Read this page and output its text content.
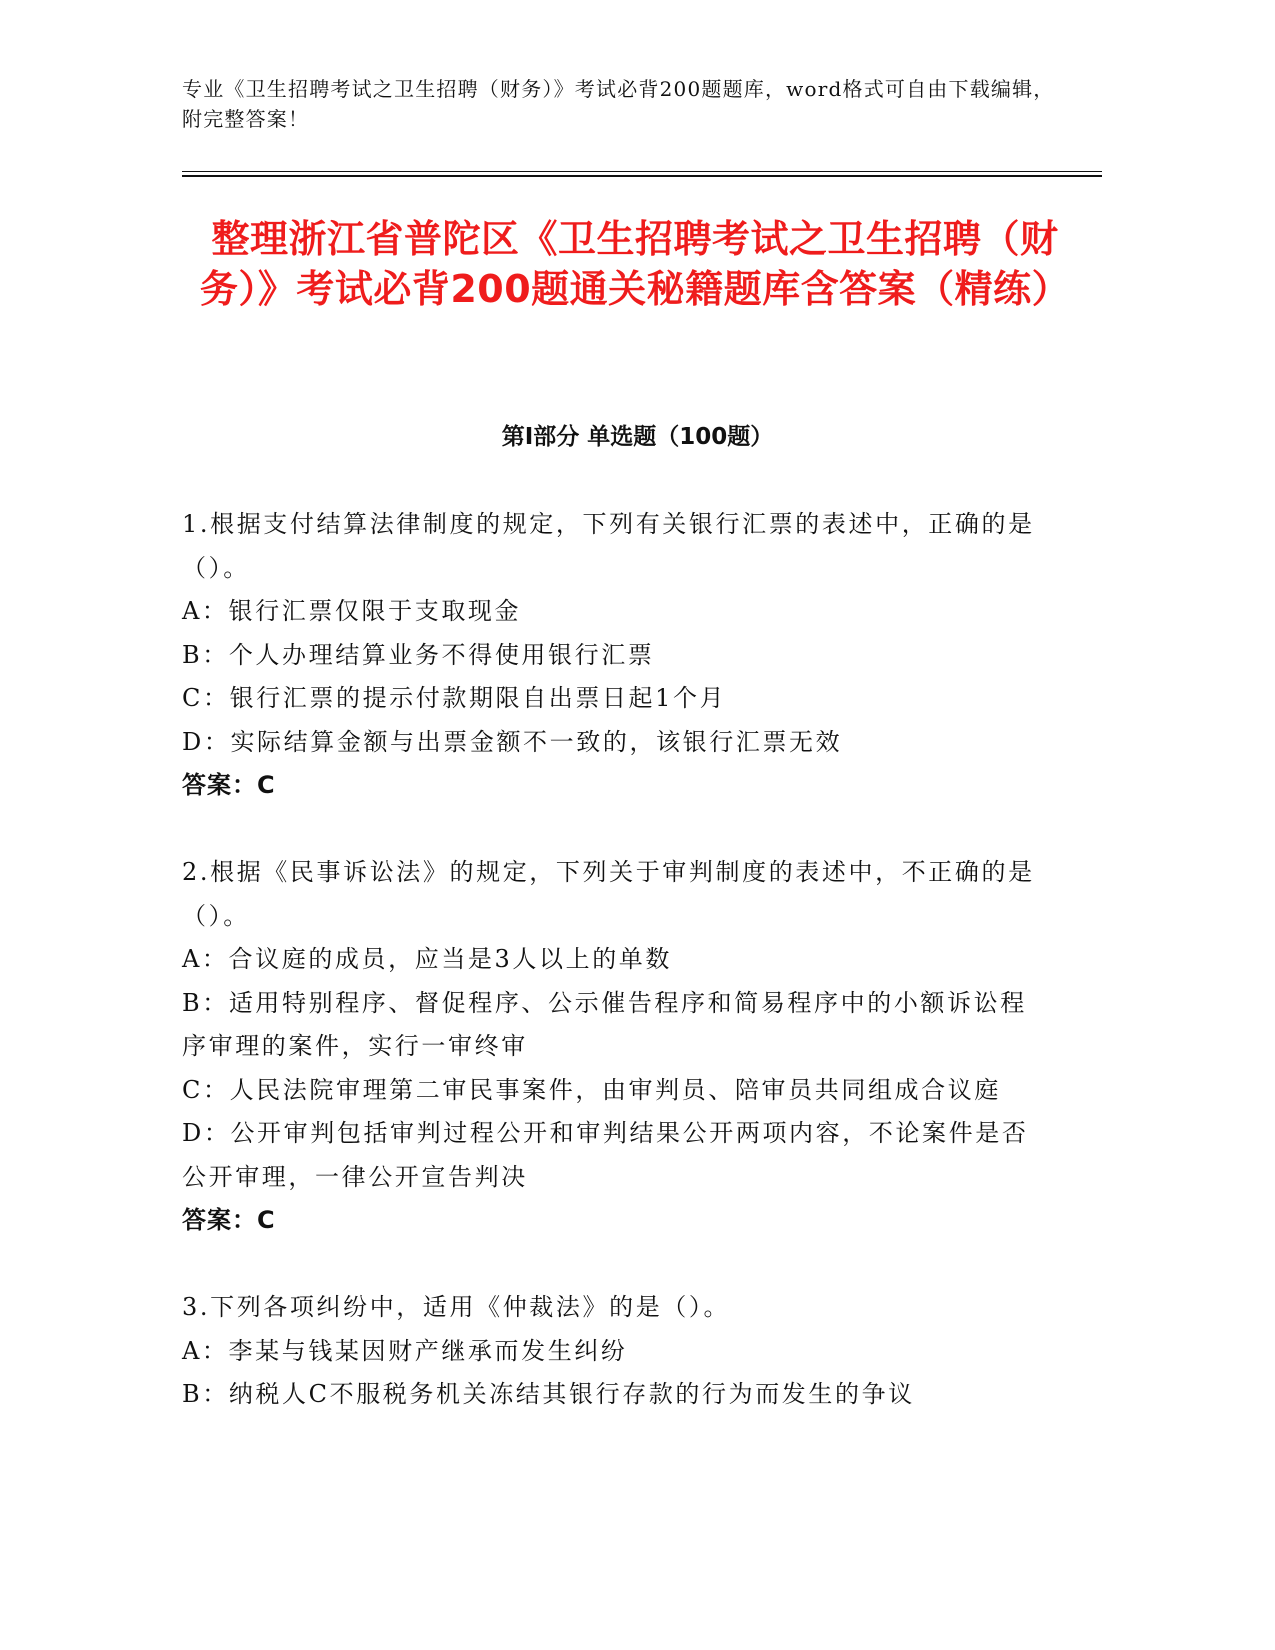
专业《卫生招聘考试之卫生招聘（财务）》考试必背200题题库，word格式可自由下载编辑，附完整答案！
整理浙江省普陀区《卫生招聘考试之卫生招聘（财务）》考试必背200题通关秘籍题库含答案（精练）
第Ⅰ部分 单选题（100题）
1.根据支付结算法律制度的规定，下列有关银行汇票的表述中，正确的是（）。
A：银行汇票仅限于支取现金
B：个人办理结算业务不得使用银行汇票
C：银行汇票的提示付款期限自出票日起1个月
D：实际结算金额与出票金额不一致的，该银行汇票无效
答案：C
2.根据《民事诉讼法》的规定，下列关于审判制度的表述中，不正确的是（）。
A：合议庭的成员，应当是3人以上的单数
B：适用特别程序、督促程序、公示催告程序和简易程序中的小额诉讼程序审理的案件，实行一审终审
C：人民法院审理第二审民事案件，由审判员、陪审员共同组成合议庭
D：公开审判包括审判过程公开和审判结果公开两项内容，不论案件是否公开审理，一律公开宣告判决
答案：C
3.下列各项纠纷中，适用《仲裁法》的是（）。
A：李某与钱某因财产继承而发生纠纷
B：纳税人C不服税务机关冻结其银行存款的行为而发生的争议
